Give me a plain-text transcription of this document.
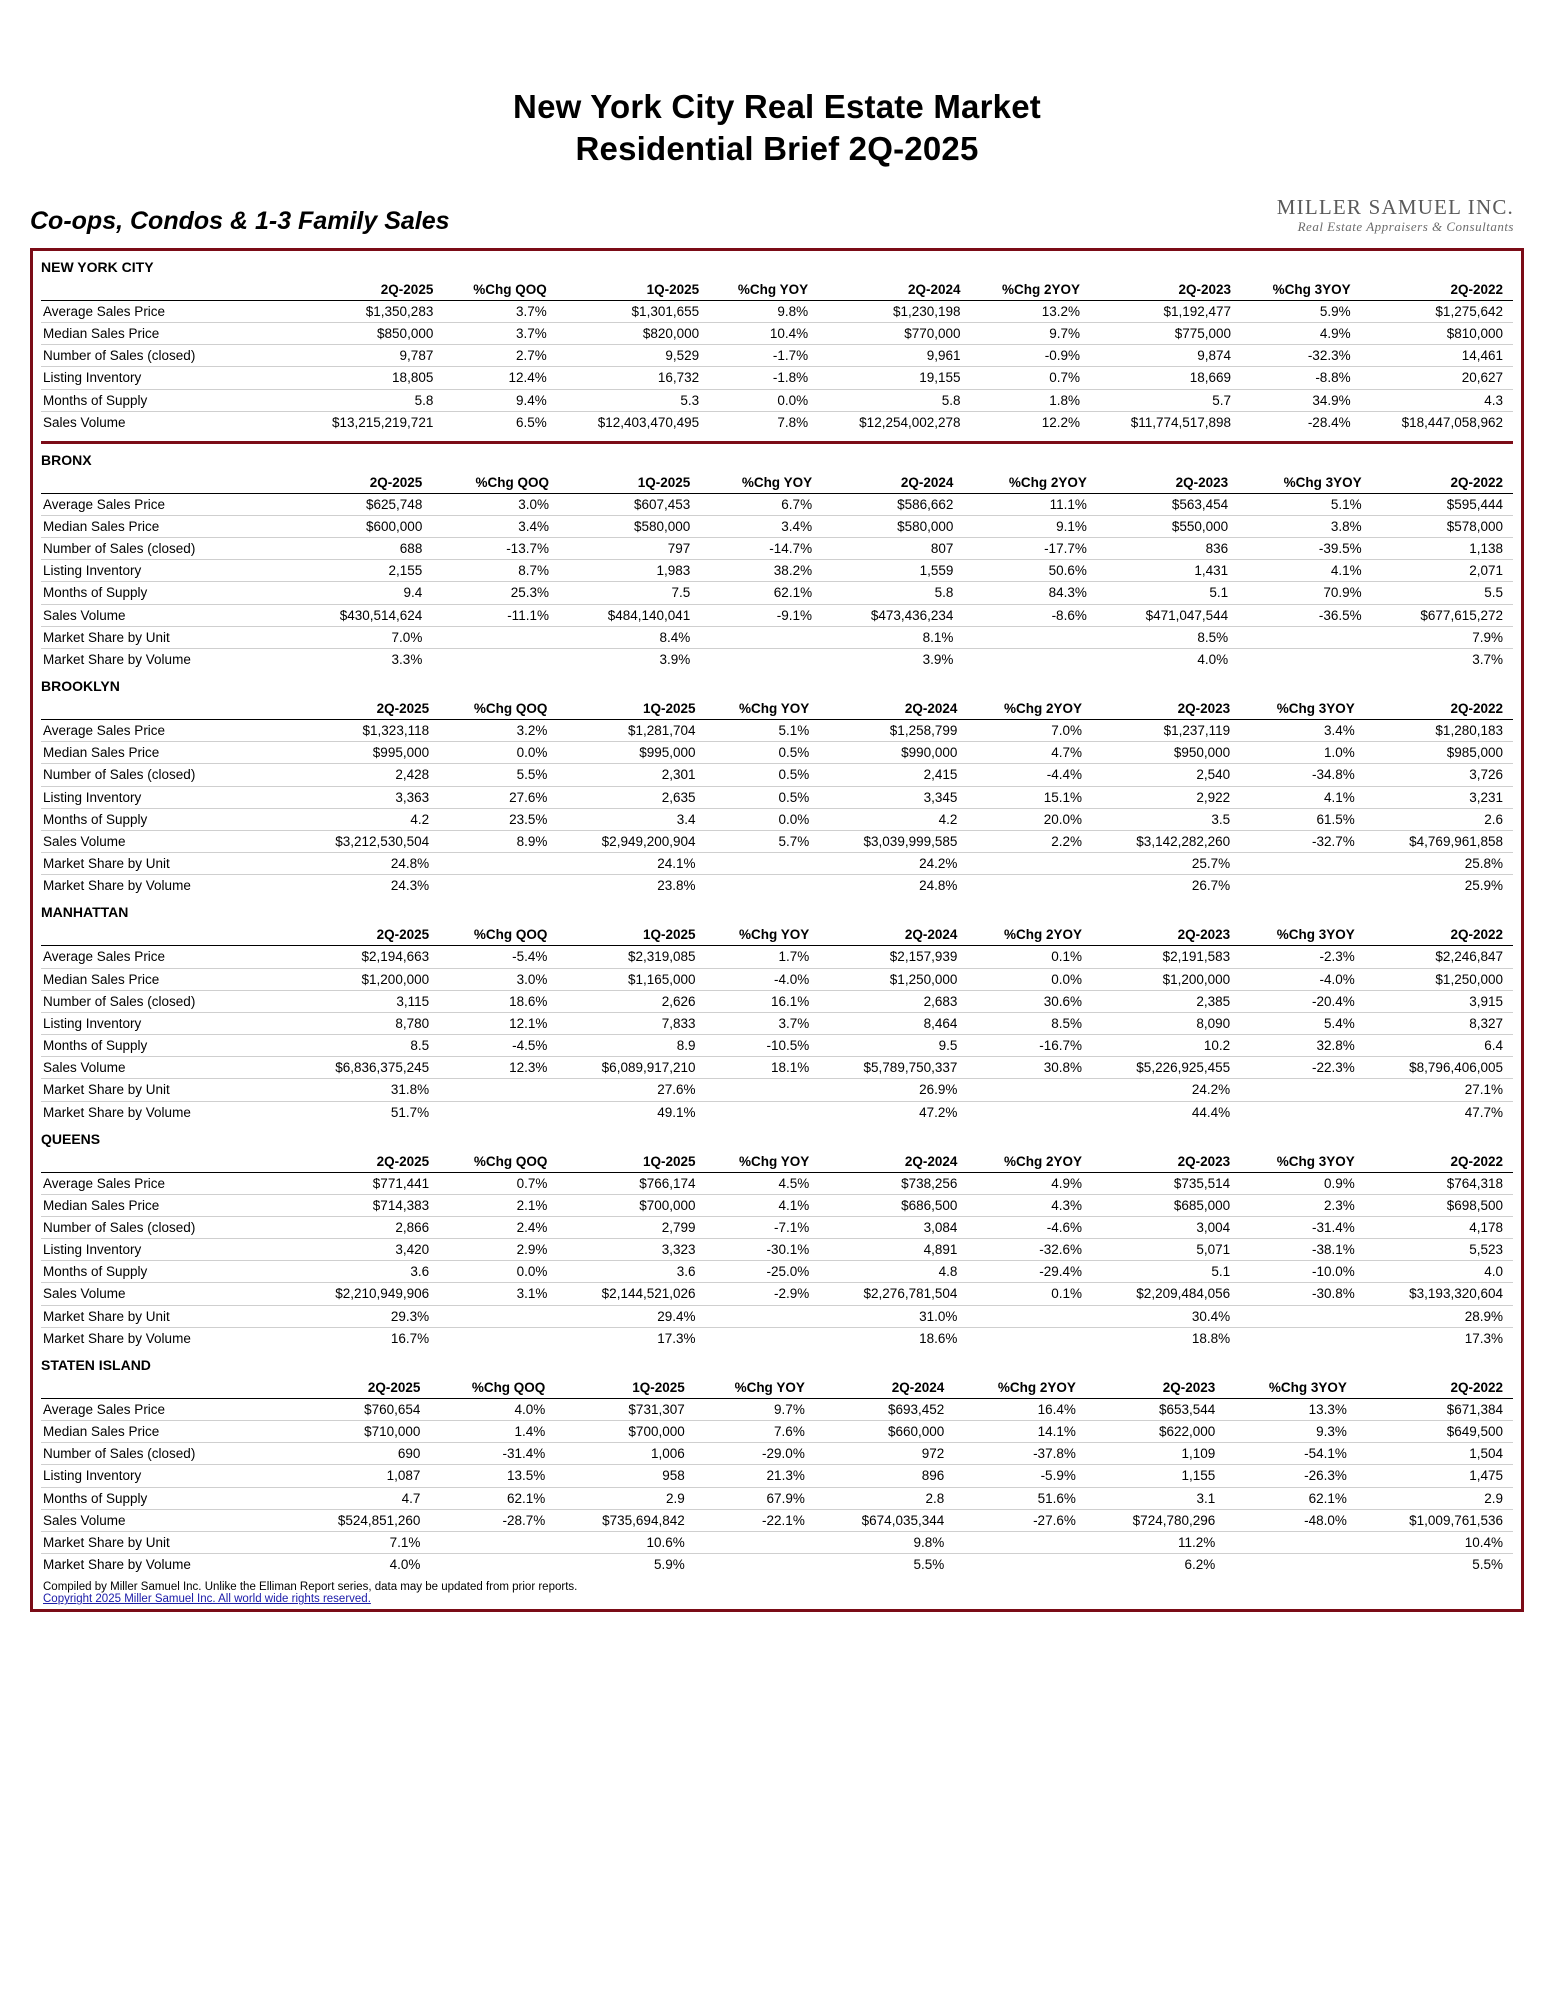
New York City Real Estate Market
Residential Brief 2Q-2025
Co-ops, Condos & 1-3 Family Sales	MILLER SAMUEL INC.
Real Estate Appraisers & Consultants
NEW YORK CITY									
	2Q-2025	%Chg QOQ	1Q-2025	%Chg YOY	2Q-2024	%Chg 2YOY	2Q-2023	%Chg 3YOY	2Q-2022
Average Sales Price	$1,350,283	3.7%	$1,301,655	9.8%	$1,230,198	13.2%	$1,192,477	5.9%	$1,275,642
Median Sales Price	$850,000	3.7%	$820,000	10.4%	$770,000	9.7%	$775,000	4.9%	$810,000
Number of Sales (closed)	9,787	2.7%	9,529	-1.7%	9,961	-0.9%	9,874	-32.3%	14,461
Listing Inventory	18,805	12.4%	16,732	-1.8%	19,155	0.7%	18,669	-8.8%	20,627
Months of Supply	5.8	9.4%	5.3	0.0%	5.8	1.8%	5.7	34.9%	4.3
Sales Volume	$13,215,219,721	6.5%	$12,403,470,495	7.8%	$12,254,002,278	12.2%	$11,774,517,898	-28.4%	$18,447,058,962
BRONX									
	2Q-2025	%Chg QOQ	1Q-2025	%Chg YOY	2Q-2024	%Chg 2YOY	2Q-2023	%Chg 3YOY	2Q-2022
Average Sales Price	$625,748	3.0%	$607,453	6.7%	$586,662	11.1%	$563,454	5.1%	$595,444
Median Sales Price	$600,000	3.4%	$580,000	3.4%	$580,000	9.1%	$550,000	3.8%	$578,000
Number of Sales (closed)	688	-13.7%	797	-14.7%	807	-17.7%	836	-39.5%	1,138
Listing Inventory	2,155	8.7%	1,983	38.2%	1,559	50.6%	1,431	4.1%	2,071
Months of Supply	9.4	25.3%	7.5	62.1%	5.8	84.3%	5.1	70.9%	5.5
Sales Volume	$430,514,624	-11.1%	$484,140,041	-9.1%	$473,436,234	-8.6%	$471,047,544	-36.5%	$677,615,272
Market Share by Unit	7.0%		8.4%		8.1%		8.5%		7.9%
Market Share by Volume	3.3%		3.9%		3.9%		4.0%		3.7%
BROOKLYN									
	2Q-2025	%Chg QOQ	1Q-2025	%Chg YOY	2Q-2024	%Chg 2YOY	2Q-2023	%Chg 3YOY	2Q-2022
Average Sales Price	$1,323,118	3.2%	$1,281,704	5.1%	$1,258,799	7.0%	$1,237,119	3.4%	$1,280,183
Median Sales Price	$995,000	0.0%	$995,000	0.5%	$990,000	4.7%	$950,000	1.0%	$985,000
Number of Sales (closed)	2,428	5.5%	2,301	0.5%	2,415	-4.4%	2,540	-34.8%	3,726
Listing Inventory	3,363	27.6%	2,635	0.5%	3,345	15.1%	2,922	4.1%	3,231
Months of Supply	4.2	23.5%	3.4	0.0%	4.2	20.0%	3.5	61.5%	2.6
Sales Volume	$3,212,530,504	8.9%	$2,949,200,904	5.7%	$3,039,999,585	2.2%	$3,142,282,260	-32.7%	$4,769,961,858
Market Share by Unit	24.8%		24.1%		24.2%		25.7%		25.8%
Market Share by Volume	24.3%		23.8%		24.8%		26.7%		25.9%
MANHATTAN									
	2Q-2025	%Chg QOQ	1Q-2025	%Chg YOY	2Q-2024	%Chg 2YOY	2Q-2023	%Chg 3YOY	2Q-2022
Average Sales Price	$2,194,663	-5.4%	$2,319,085	1.7%	$2,157,939	0.1%	$2,191,583	-2.3%	$2,246,847
Median Sales Price	$1,200,000	3.0%	$1,165,000	-4.0%	$1,250,000	0.0%	$1,200,000	-4.0%	$1,250,000
Number of Sales (closed)	3,115	18.6%	2,626	16.1%	2,683	30.6%	2,385	-20.4%	3,915
Listing Inventory	8,780	12.1%	7,833	3.7%	8,464	8.5%	8,090	5.4%	8,327
Months of Supply	8.5	-4.5%	8.9	-10.5%	9.5	-16.7%	10.2	32.8%	6.4
Sales Volume	$6,836,375,245	12.3%	$6,089,917,210	18.1%	$5,789,750,337	30.8%	$5,226,925,455	-22.3%	$8,796,406,005
Market Share by Unit	31.8%		27.6%		26.9%		24.2%		27.1%
Market Share by Volume	51.7%		49.1%		47.2%		44.4%		47.7%
QUEENS									
	2Q-2025	%Chg QOQ	1Q-2025	%Chg YOY	2Q-2024	%Chg 2YOY	2Q-2023	%Chg 3YOY	2Q-2022
Average Sales Price	$771,441	0.7%	$766,174	4.5%	$738,256	4.9%	$735,514	0.9%	$764,318
Median Sales Price	$714,383	2.1%	$700,000	4.1%	$686,500	4.3%	$685,000	2.3%	$698,500
Number of Sales (closed)	2,866	2.4%	2,799	-7.1%	3,084	-4.6%	3,004	-31.4%	4,178
Listing Inventory	3,420	2.9%	3,323	-30.1%	4,891	-32.6%	5,071	-38.1%	5,523
Months of Supply	3.6	0.0%	3.6	-25.0%	4.8	-29.4%	5.1	-10.0%	4.0
Sales Volume	$2,210,949,906	3.1%	$2,144,521,026	-2.9%	$2,276,781,504	0.1%	$2,209,484,056	-30.8%	$3,193,320,604
Market Share by Unit	29.3%		29.4%		31.0%		30.4%		28.9%
Market Share by Volume	16.7%		17.3%		18.6%		18.8%		17.3%
STATEN ISLAND									
	2Q-2025	%Chg QOQ	1Q-2025	%Chg YOY	2Q-2024	%Chg 2YOY	2Q-2023	%Chg 3YOY	2Q-2022
Average Sales Price	$760,654	4.0%	$731,307	9.7%	$693,452	16.4%	$653,544	13.3%	$671,384
Median Sales Price	$710,000	1.4%	$700,000	7.6%	$660,000	14.1%	$622,000	9.3%	$649,500
Number of Sales (closed)	690	-31.4%	1,006	-29.0%	972	-37.8%	1,109	-54.1%	1,504
Listing Inventory	1,087	13.5%	958	21.3%	896	-5.9%	1,155	-26.3%	1,475
Months of Supply	4.7	62.1%	2.9	67.9%	2.8	51.6%	3.1	62.1%	2.9
Sales Volume	$524,851,260	-28.7%	$735,694,842	-22.1%	$674,035,344	-27.6%	$724,780,296	-48.0%	$1,009,761,536
Market Share by Unit	7.1%		10.6%		9.8%		11.2%		10.4%
Market Share by Volume	4.0%		5.9%		5.5%		6.2%		5.5%
Compiled by Miller Samuel Inc. Unlike the Elliman Report series, data may be updated from prior reports.
Copyright 2025 Miller Samuel Inc. All world wide rights reserved.
